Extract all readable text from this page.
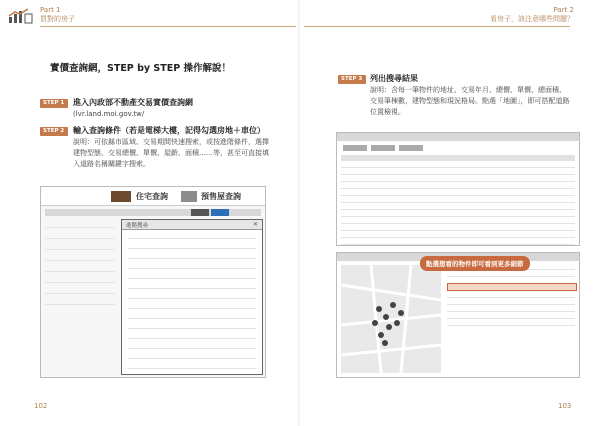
Part 1
買對的房子
實價查詢網，STEP by STEP 操作解說！
STEP 1	進入內政部不動產交易實價查詢網
(lvr.land.moi.gov.tw/
STEP 2	輸入查詢條件（若是電梯大樓，記得勾選房地＋車位）
說明：可依縣市區域、交易期間快速搜索，或按進階條件，選擇建物型態、交易總價、單價、屋齡、面積……等，甚至可直接填入道路名稱關鍵字搜索。
住宅查詢	預售屋查詢
進階搜尋	✕
102
Part 2
看房子，該注意哪些問題？
STEP 3 列出搜尋結果
說明：含每一筆物件的地址、交易年月、總價、單價、總面積、交易筆棟數，建物型態和現況格局。點選「地圖」，即可搭配道路位置檢視。
點選想看的物件即可看到更多細節
103
